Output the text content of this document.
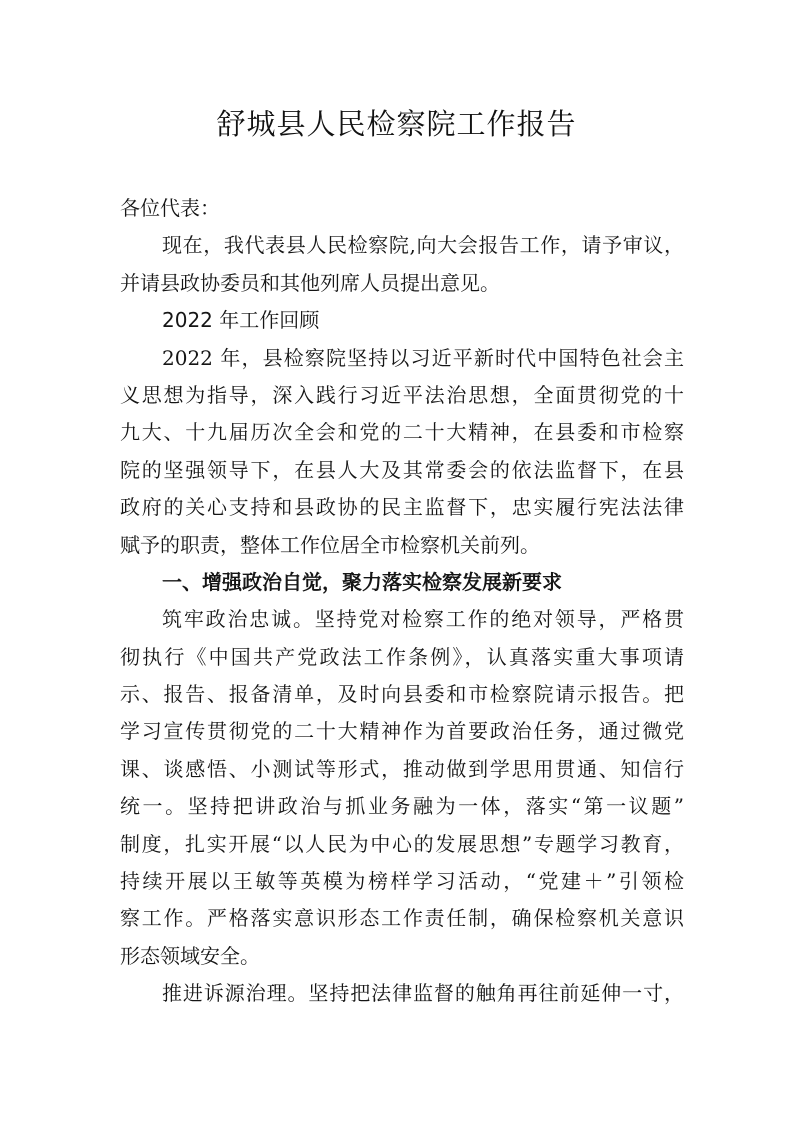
舒城县人民检察院工作报告
各位代表：
现在，我代表县人民检察院,向大会报告工作，请予审议，
并请县政协委员和其他列席人员提出意见。
2022 年工作回顾
2022 年，县检察院坚持以习近平新时代中国特色社会主
义思想为指导，深入践行习近平法治思想，全面贯彻党的十
九大、十九届历次全会和党的二十大精神，在县委和市检察
院的坚强领导下，在县人大及其常委会的依法监督下，在县
政府的关心支持和县政协的民主监督下，忠实履行宪法法律
赋予的职责，整体工作位居全市检察机关前列。
一、增强政治自觉，聚力落实检察发展新要求
筑牢政治忠诚。坚持党对检察工作的绝对领导，严格贯
彻执行《中国共产党政法工作条例》，认真落实重大事项请
示、报告、报备清单，及时向县委和市检察院请示报告。把
学习宣传贯彻党的二十大精神作为首要政治任务，通过微党
课、谈感悟、小测试等形式，推动做到学思用贯通、知信行
统一。坚持把讲政治与抓业务融为一体，落实“第一议题”
制度，扎实开展“以人民为中心的发展思想”专题学习教育，
持续开展以王敏等英模为榜样学习活动，“党建＋”引领检
察工作。严格落实意识形态工作责任制，确保检察机关意识
形态领域安全。
推进诉源治理。坚持把法律监督的触角再往前延伸一寸，
